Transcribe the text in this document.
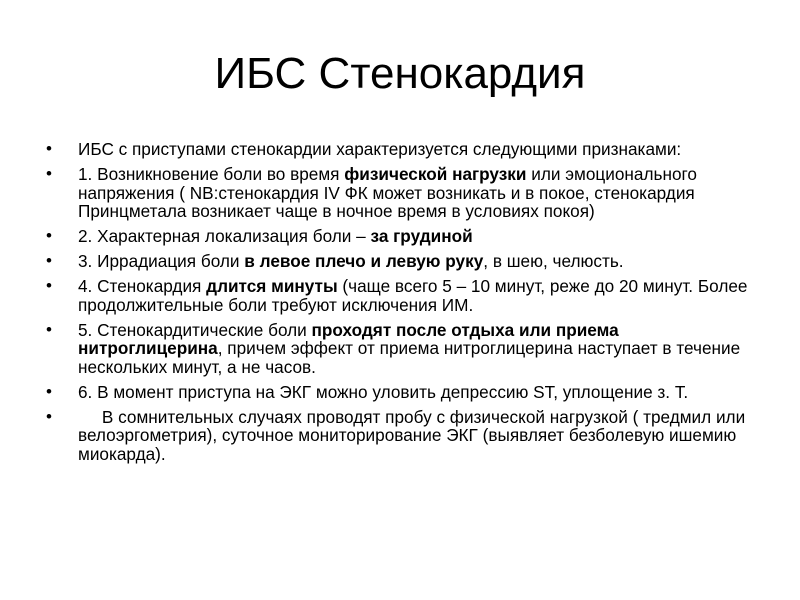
ИБС Стенокардия
•	ИБС с приступами стенокардии характеризуется следующими признаками:
•	1. Возникновение боли во время физической нагрузки или эмоционального напряжения ( NB:стенокардия IV ФК может возникать и в покое, стенокардия Принцметала возникает чаще в ночное время в условиях покоя)
•	2. Характерная локализация боли – за грудиной
•	3. Иррадиация боли в левое плечо и левую руку, в шею, челюсть.
•	4. Стенокардия длится минуты (чаще всего 5 – 10 минут, реже до 20 минут. Более продолжительные боли требуют исключения ИМ.
•	5. Стенокардитические боли проходят после отдыха или приема нитроглицерина, причем эффект от приема нитроглицерина наступает в течение нескольких минут, а не часов.
•	6. В момент приступа на ЭКГ можно уловить депрессию ST, уплощение з. Т.
•	В сомнительных случаях проводят пробу с физической нагрузкой ( тредмил или велоэргометрия), суточное мониторирование ЭКГ (выявляет безболевую ишемию миокарда).
